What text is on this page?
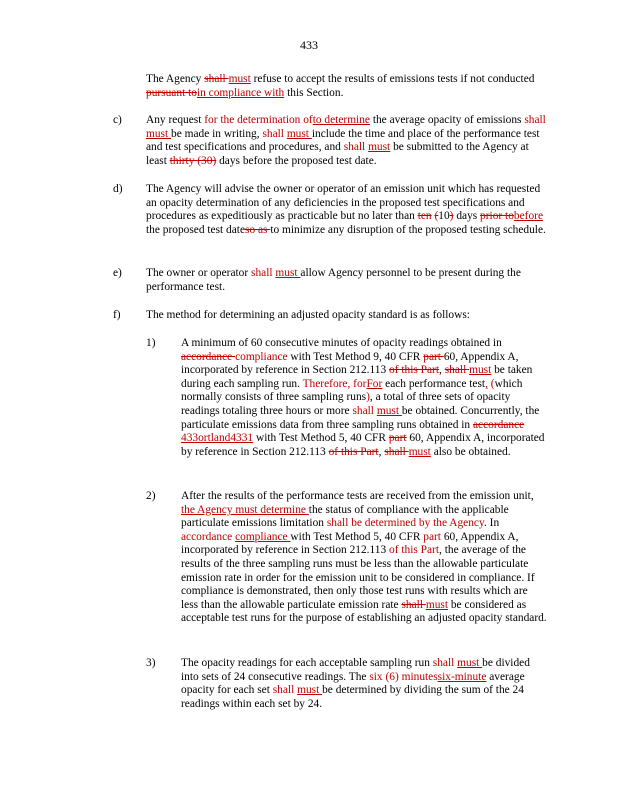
433
The Agency shall must refuse to accept the results of emissions tests if not conducted pursuant toin compliance with this Section.
c) Any request for the determination ofto determine the average opacity of emissions shall must be made in writing, shall must include the time and place of the performance test and test specifications and procedures, and shall must be submitted to the Agency at least thirty (30) days before the proposed test date.
d) The Agency will advise the owner or operator of an emission unit which has requested an opacity determination of any deficiencies in the proposed test specifications and procedures as expeditiously as practicable but no later than ten (10) days prior tobefore the proposed test dateso as to minimize any disruption of the proposed testing schedule.
e) The owner or operator shall must allow Agency personnel to be present during the performance test.
f) The method for determining an adjusted opacity standard is as follows:
1) A minimum of 60 consecutive minutes of opacity readings obtained in accordance compliance with Test Method 9, 40 CFR part 60, Appendix A, incorporated by reference in Section 212.113 of this Part, shall must be taken during each sampling run. Therefore, forFor each performance test, (which normally consists of three sampling runs), a total of three sets of opacity readings totaling three hours or more shall must be obtained. Concurrently, the particulate emissions data from three sampling runs obtained in accordance 433ortland4331 with Test Method 5, 40 CFR part 60, Appendix A, incorporated by reference in Section 212.113 of this Part, shall must also be obtained.
2) After the results of the performance tests are received from the emission unit, the Agency must determine the status of compliance with the applicable particulate emissions limitation shall be determined by the Agency. In accordance compliance with Test Method 5, 40 CFR part 60, Appendix A, incorporated by reference in Section 212.113 of this Part, the average of the results of the three sampling runs must be less than the allowable particulate emission rate in order for the emission unit to be considered in compliance. If compliance is demonstrated, then only those test runs with results which are less than the allowable particulate emission rate shall must be considered as acceptable test runs for the purpose of establishing an adjusted opacity standard.
3) The opacity readings for each acceptable sampling run shall must be divided into sets of 24 consecutive readings. The six (6) minutessix-minute average opacity for each set shall must be determined by dividing the sum of the 24 readings within each set by 24.
